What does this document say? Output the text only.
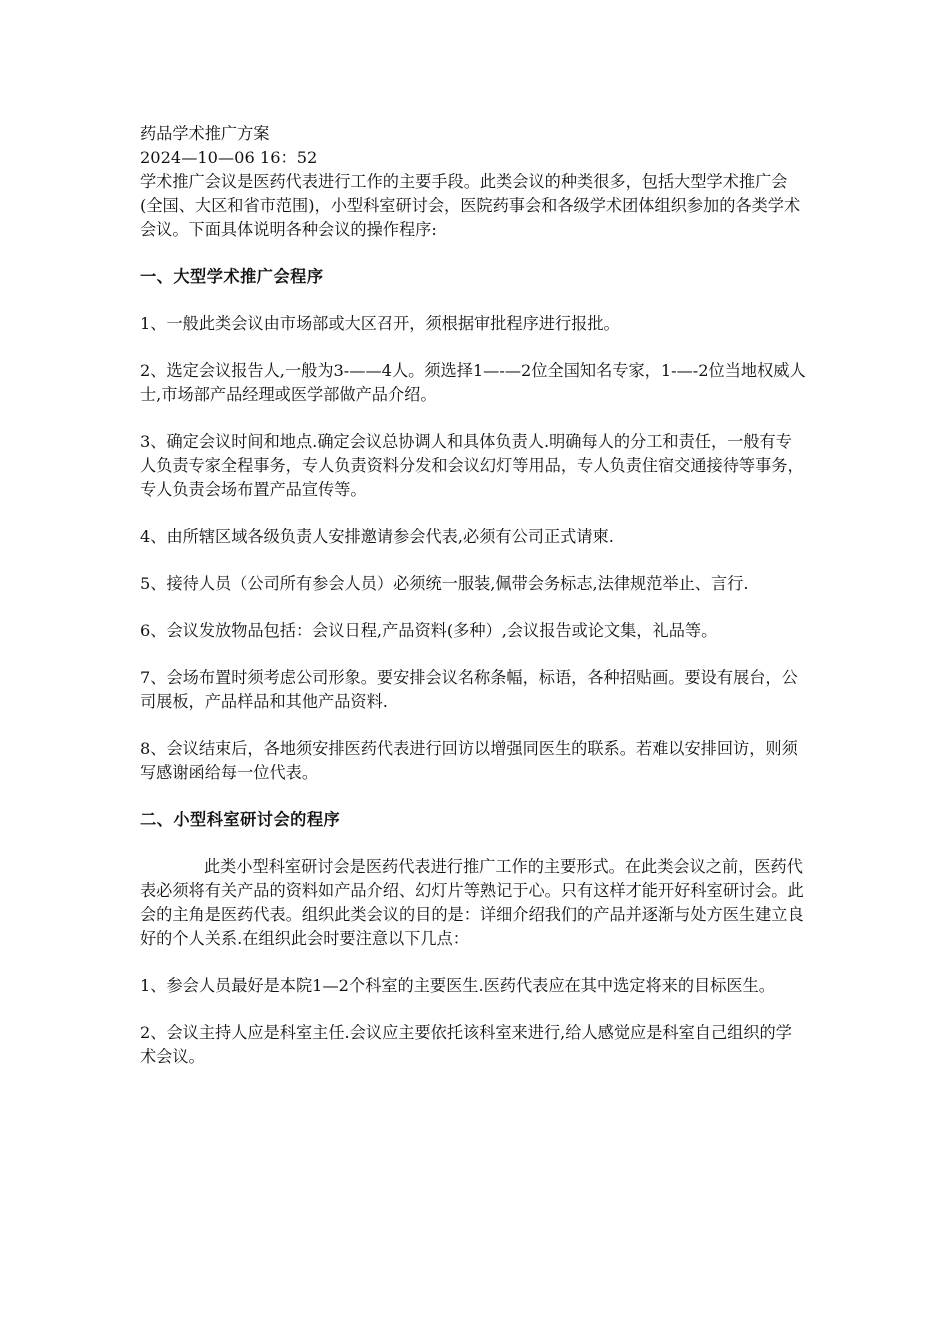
药品学术推广方案

2024—10—06 16：52

学术推广会议是医药代表进行工作的主要手段。此类会议的种类很多，包括大型学术推广会(全国、大区和省市范围)，小型科室研讨会，医院药事会和各级学术团体组织参加的各类学术会议。下面具体说明各种会议的操作程序:

一、大型学术推广会程序

1、一般此类会议由市场部或大区召开，须根据审批程序进行报批。

2、选定会议报告人,一般为3-——4人。须选择1—-—2位全国知名专家，1-—-2位当地权威人士,市场部产品经理或医学部做产品介绍。

3、确定会议时间和地点.确定会议总协调人和具体负责人.明确每人的分工和责任，一般有专人负责专家全程事务，专人负责资料分发和会议幻灯等用品，专人负责住宿交通接待等事务，专人负责会场布置产品宣传等。

4、由所辖区域各级负责人安排邀请参会代表,必须有公司正式请柬.

5、接待人员（公司所有参会人员）必须统一服装,佩带会务标志,法律规范举止、言行.

6、会议发放物品包括：会议日程,产品资料(多种）,会议报告或论文集，礼品等。

7、会场布置时须考虑公司形象。要安排会议名称条幅，标语，各种招贴画。要设有展台，公司展板，产品样品和其他产品资料.

8、会议结束后，各地须安排医药代表进行回访以增强同医生的联系。若难以安排回访，则须写感谢函给每一位代表。

二、小型科室研讨会的程序

此类小型科室研讨会是医药代表进行推广工作的主要形式。在此类会议之前，医药代表必须将有关产品的资料如产品介绍、幻灯片等熟记于心。只有这样才能开好科室研讨会。此会的主角是医药代表。组织此类会议的目的是：详细介绍我们的产品并逐渐与处方医生建立良好的个人关系.在组织此会时要注意以下几点：

1、参会人员最好是本院1—2个科室的主要医生.医药代表应在其中选定将来的目标医生。

2、会议主持人应是科室主任.会议应主要依托该科室来进行,给人感觉应是科室自己组织的学术会议。
